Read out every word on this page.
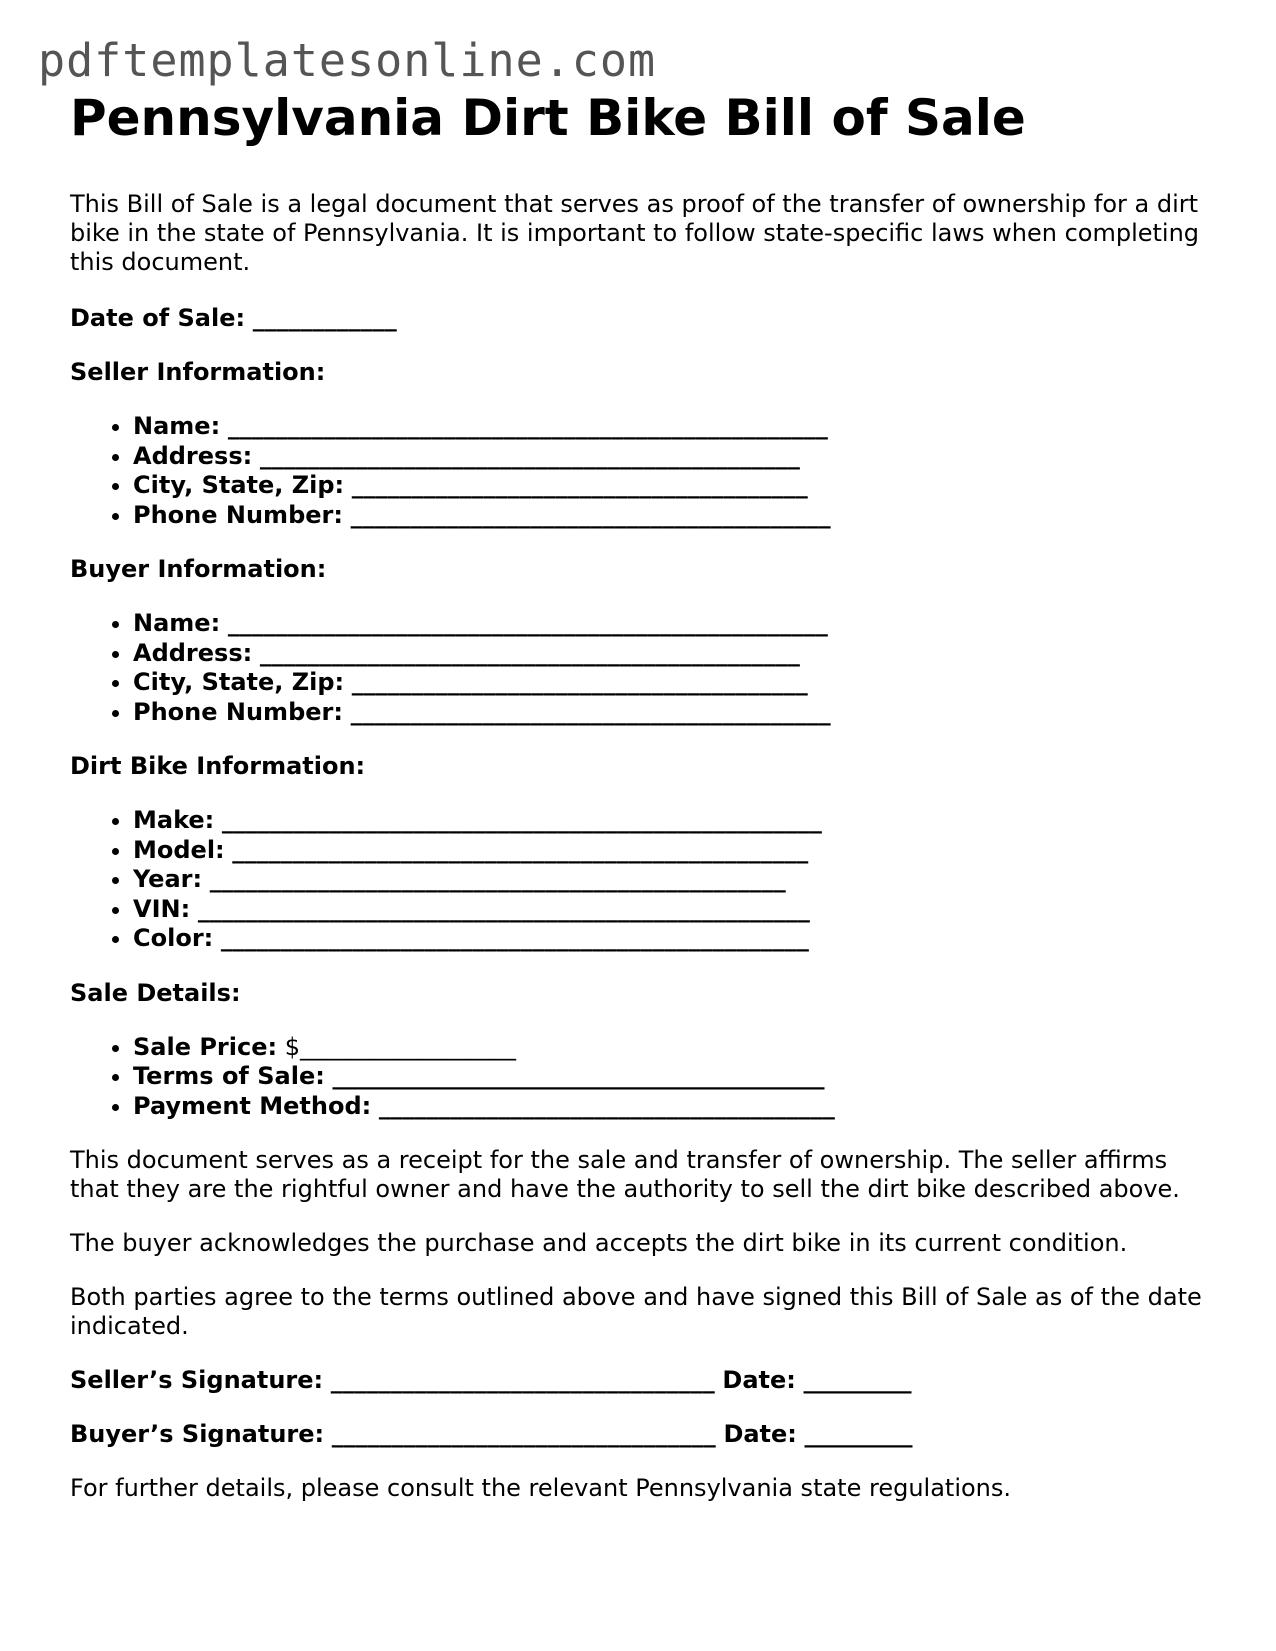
pdftemplatesonline.com
Pennsylvania Dirt Bike Bill of Sale

This Bill of Sale is a legal document that serves as proof of the transfer of ownership for a dirt bike in the state of Pennsylvania. It is important to follow state-specific laws when completing this document.

Date of Sale: ____________
Seller Information:
• Name: __________________________________________________
• Address: _____________________________________________
• City, State, Zip: ______________________________________
• Phone Number: ________________________________________
Buyer Information:
• Name: __________________________________________________
• Address: _____________________________________________
• City, State, Zip: ______________________________________
• Phone Number: ________________________________________
Dirt Bike Information:
• Make: __________________________________________________
• Model: ________________________________________________
• Year: ________________________________________________
• VIN: ___________________________________________________
• Color: _________________________________________________
Sale Details:
• Sale Price: $__________________
• Terms of Sale: _________________________________________
• Payment Method: ______________________________________

This document serves as a receipt for the sale and transfer of ownership. The seller affirms that they are the rightful owner and have the authority to sell the dirt bike described above.

The buyer acknowledges the purchase and accepts the dirt bike in its current condition.

Both parties agree to the terms outlined above and have signed this Bill of Sale as of the date indicated.

Seller’s Signature: ________________________________ Date: _________
Buyer’s Signature: ________________________________ Date: _________

For further details, please consult the relevant Pennsylvania state regulations.
